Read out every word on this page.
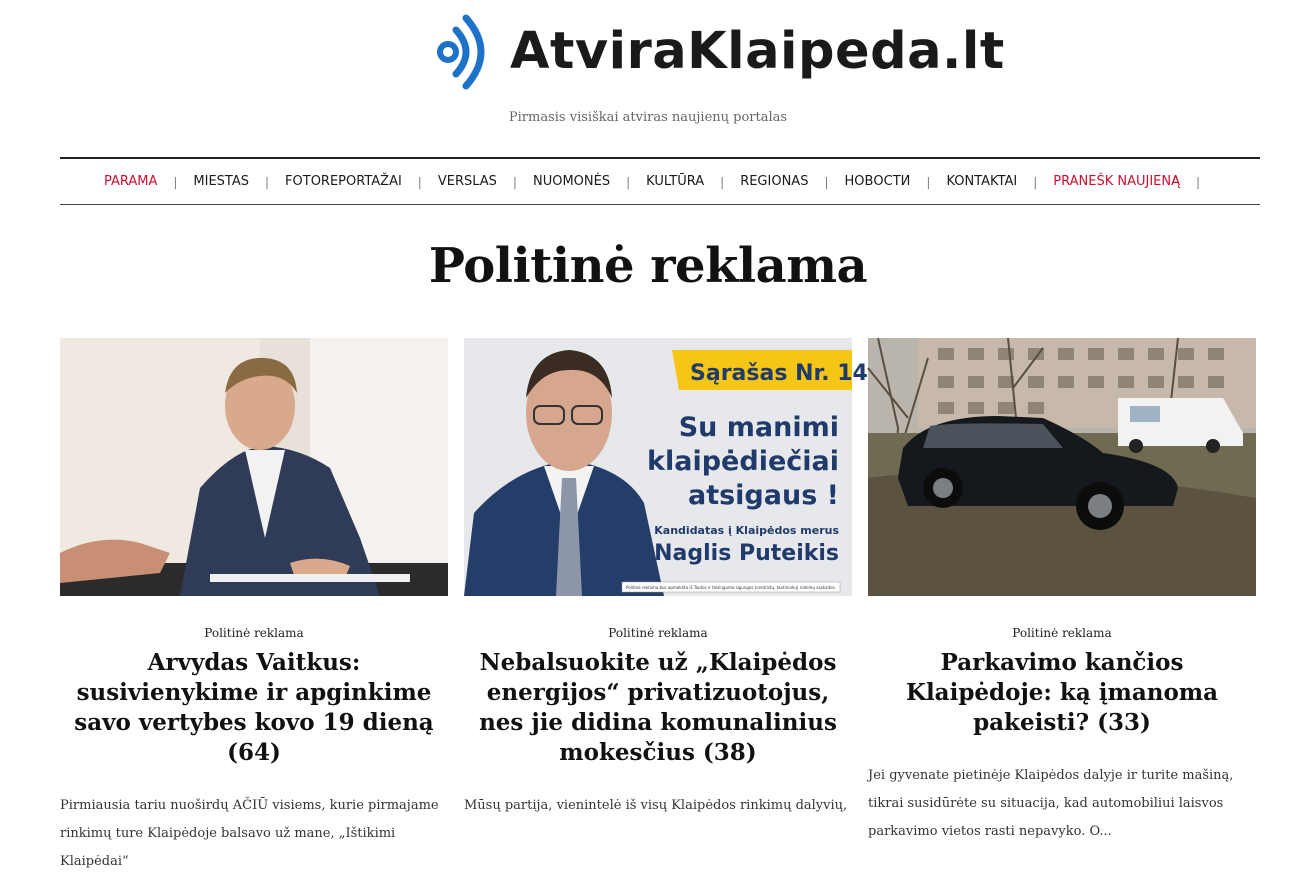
AtviraKlaipeda.lt
Pirmasis visiškai atviras naujienų portalas
PARAMA | MIESTAS | FOTOREPORTAŽAI | VERSLAS | NUOMONĖS | KULTŪRA | REGIONAS | НОВОСТИ | KONTAKTAI | PRANEŠK NAUJIENĄ |
Politinė reklama
Politinė reklama
Arvydas Vaitkus: susivienykime ir apginkime savo vertybes kovo 19 dieną (64)

Pirmiausia tariu nuoširdų AČIŪ visiems, kurie pirmajame rinkimų ture Klaipėdoje balsavo už mane, „Ištikimi Klaipėdai“

Sąrašas Nr. 14
Su manimi
klaipėdiečiai
atsigaus !
Kandidatas į Klaipėdos merus
Naglis Puteikis
Politinė reklama bus apmokėta iš Tautos ir teisingumo sąjungos (centristų, tautininkų) rinkimų sąskaitos.
Politinė reklama
Nebalsuokite už „Klaipėdos energijos“ privatizuotojus, nes jie didina komunalinius mokesčius (38)

Mūsų partija, vienintelė iš visų Klaipėdos rinkimų dalyvių,

Politinė reklama
Parkavimo kančios Klaipėdoje: ką įmanoma pakeisti? (33)

Jei gyvenate pietinėje Klaipėdos dalyje ir turite mašiną, tikrai susidūrėte su situacija, kad automobiliui laisvos parkavimo vietos rasti nepavyko. O...
